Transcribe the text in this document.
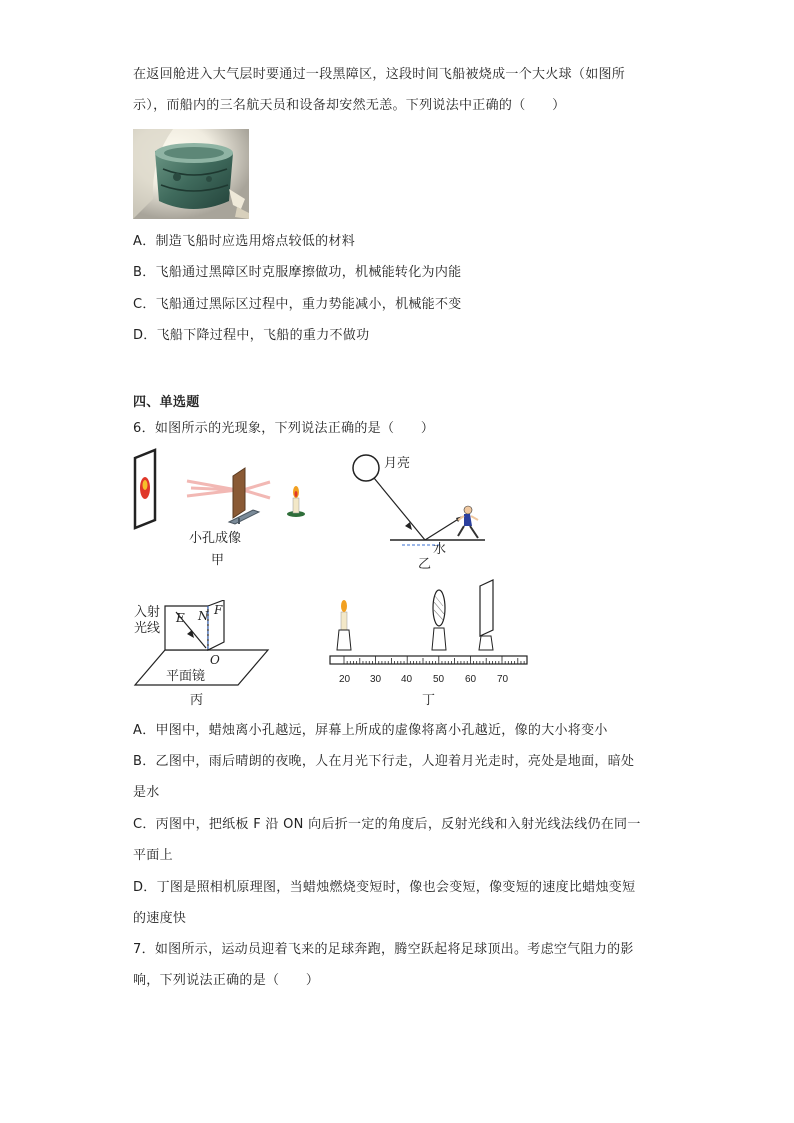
在返回舱进入大气层时要通过一段黑障区，这段时间飞船被烧成一个大火球（如图所
示），而船内的三名航天员和设备却安然无恙。下列说法中正确的（　　）
A．制造飞船时应选用熔点较低的材料
B．飞船通过黑障区时克服摩擦做功，机械能转化为内能
C．飞船通过黑际区过程中，重力势能减小，机械能不变
D．飞船下降过程中，飞船的重力不做功
四、单选题
6．如图所示的光现象，下列说法正确的是（　　）
小孔成像
甲
月亮
水
乙
入射
光线
E N F
O
平面镜
丙
20 30 40 50 60 70
丁
A．甲图中，蜡烛离小孔越远，屏幕上所成的虚像将离小孔越近，像的大小将变小
B．乙图中，雨后晴朗的夜晚，人在月光下行走，人迎着月光走时，亮处是地面，暗处
是水
C．丙图中，把纸板 F 沿 ON 向后折一定的角度后，反射光线和入射光线法线仍在同一
平面上
D．丁图是照相机原理图，当蜡烛燃烧变短时，像也会变短，像变短的速度比蜡烛变短
的速度快
7．如图所示，运动员迎着飞来的足球奔跑，腾空跃起将足球顶出。考虑空气阻力的影
响，下列说法正确的是（　　）
